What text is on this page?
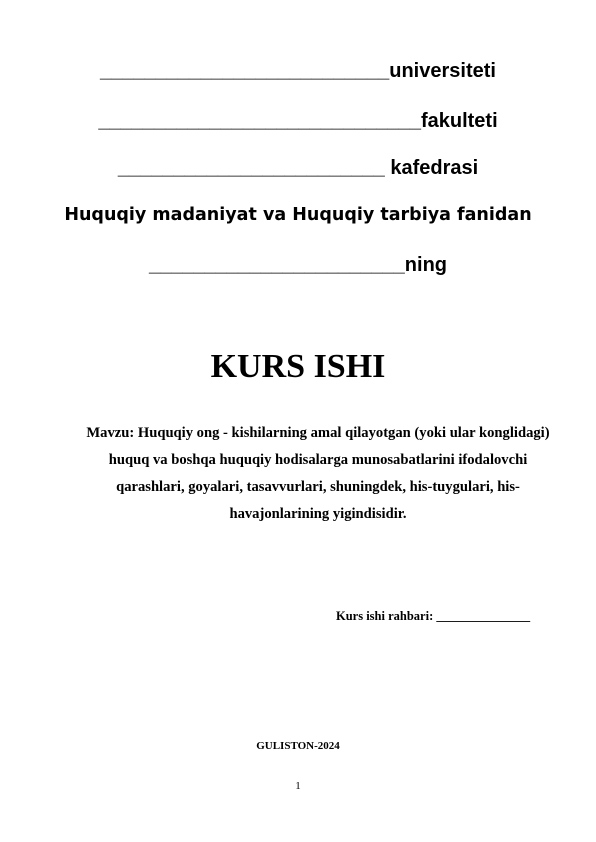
__________________________universiteti
_____________________________fakulteti
________________________ kafedrasi
Huquqiy madaniyat va Huquqiy tarbiya fanidan
_______________________ning
KURS ISHI
Mavzu: Huquqiy ong - kishilarning amal qilayotgan (yoki ular konglidagi) huquq va boshqa huquqiy hodisalarga munosabatlarini ifodalovchi qarashlari, goyalari, tasavvurlari, shuningdek, his-tuygulari, his-havajonlarining yigindisidir.
Kurs ishi rahbari: _______________
GULISTON-2024
1
